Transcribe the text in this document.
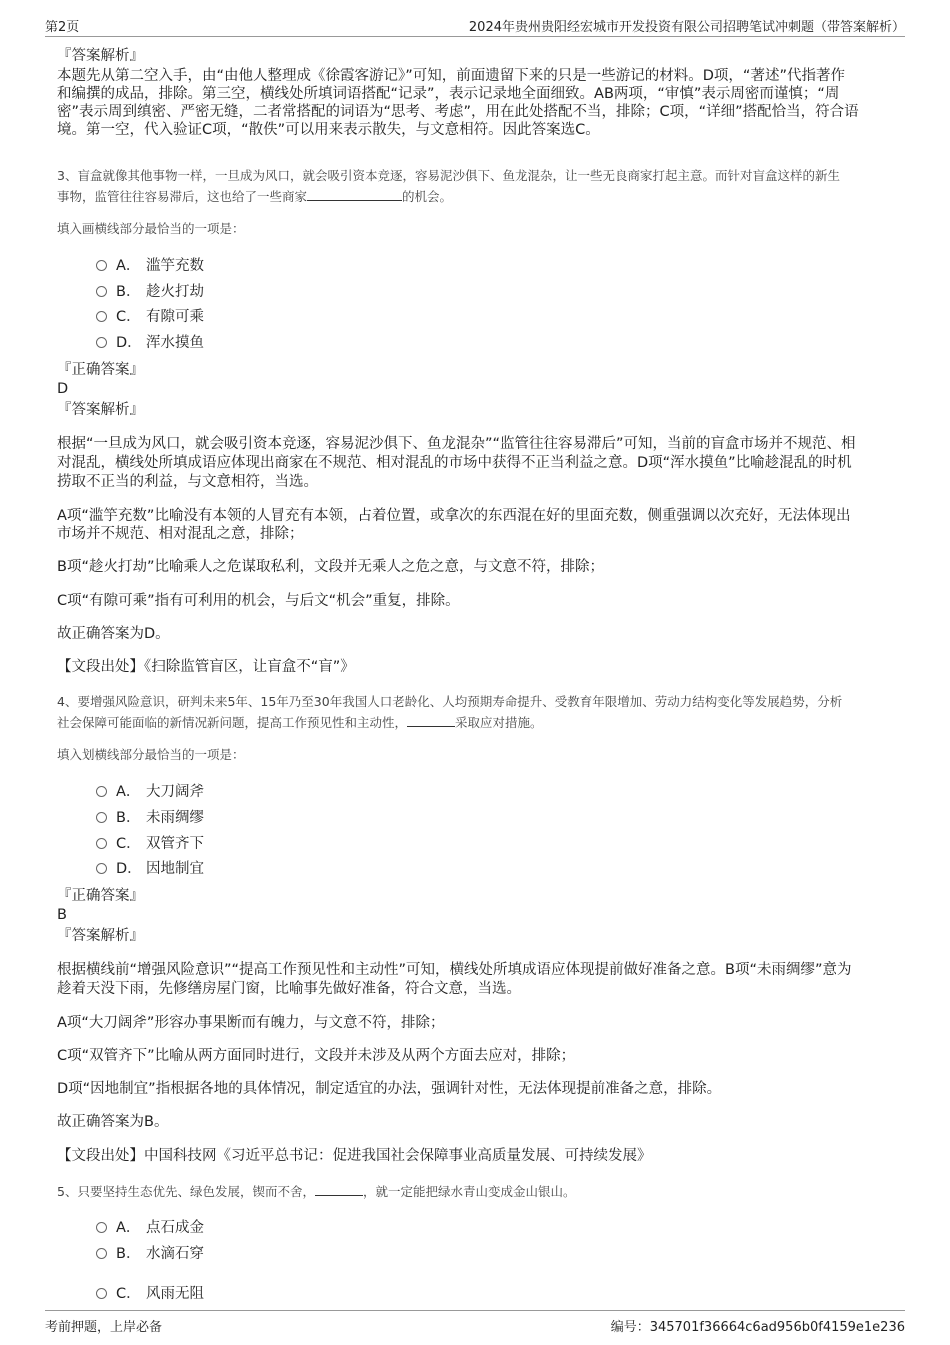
第2页	2024年贵州贵阳经宏城市开发投资有限公司招聘笔试冲刺题（带答案解析）
『答案解析』
本题先从第二空入手，由“由他人整理成《徐霞客游记》”可知，前面遗留下来的只是一些游记的材料。D项，“著述”代指著作
和编撰的成品，排除。第三空，横线处所填词语搭配“记录”，表示记录地全面细致。AB两项，“审慎”表示周密而谨慎；“周
密”表示周到缜密、严密无缝，二者常搭配的词语为“思考、考虑”，用在此处搭配不当，排除；C项，“详细”搭配恰当，符合语
境。第一空，代入验证C项，“散佚”可以用来表示散失，与文意相符。因此答案选C。
3、盲盒就像其他事物一样，一旦成为风口，就会吸引资本竞逐，容易泥沙俱下、鱼龙混杂，让一些无良商家打起主意。而针对盲盒这样的新生
事物，监管往往容易滞后，这也给了一些商家	的机会。
填入画横线部分最恰当的一项是：
A． 滥竽充数
B． 趁火打劫
C． 有隙可乘
D． 浑水摸鱼
『正确答案』
D
『答案解析』
根据“一旦成为风口，就会吸引资本竞逐，容易泥沙俱下、鱼龙混杂”“监管往往容易滞后”可知，当前的盲盒市场并不规范、相
对混乱，横线处所填成语应体现出商家在不规范、相对混乱的市场中获得不正当利益之意。D项“浑水摸鱼”比喻趁混乱的时机
捞取不正当的利益，与文意相符，当选。
A项“滥竽充数”比喻没有本领的人冒充有本领，占着位置，或拿次的东西混在好的里面充数，侧重强调以次充好，无法体现出
市场并不规范、相对混乱之意，排除；
B项“趁火打劫”比喻乘人之危谋取私利，文段并无乘人之危之意，与文意不符，排除；
C项“有隙可乘”指有可利用的机会，与后文“机会”重复，排除。
故正确答案为D。
【文段出处】《扫除监管盲区，让盲盒不“盲”》
4、要增强风险意识，研判未来5年、15年乃至30年我国人口老龄化、人均预期寿命提升、受教育年限增加、劳动力结构变化等发展趋势，分析
社会保障可能面临的新情况新问题，提高工作预见性和主动性，	采取应对措施。
填入划横线部分最恰当的一项是：
A． 大刀阔斧
B． 未雨绸缪
C． 双管齐下
D． 因地制宜
『正确答案』
B
『答案解析』
根据横线前“增强风险意识”“提高工作预见性和主动性”可知，横线处所填成语应体现提前做好准备之意。B项“未雨绸缪”意为
趁着天没下雨，先修缮房屋门窗，比喻事先做好准备，符合文意，当选。
A项“大刀阔斧”形容办事果断而有魄力，与文意不符，排除；
C项“双管齐下”比喻从两方面同时进行，文段并未涉及从两个方面去应对，排除；
D项“因地制宜”指根据各地的具体情况，制定适宜的办法，强调针对性，无法体现提前准备之意，排除。
故正确答案为B。
【文段出处】中国科技网《习近平总书记：促进我国社会保障事业高质量发展、可持续发展》
5、只要坚持生态优先、绿色发展，锲而不舍，	，就一定能把绿水青山变成金山银山。
A． 点石成金
B． 水滴石穿
C． 风雨无阻
考前押题，上岸必备	编号：345701f36664c6ad956b0f4159e1e236
